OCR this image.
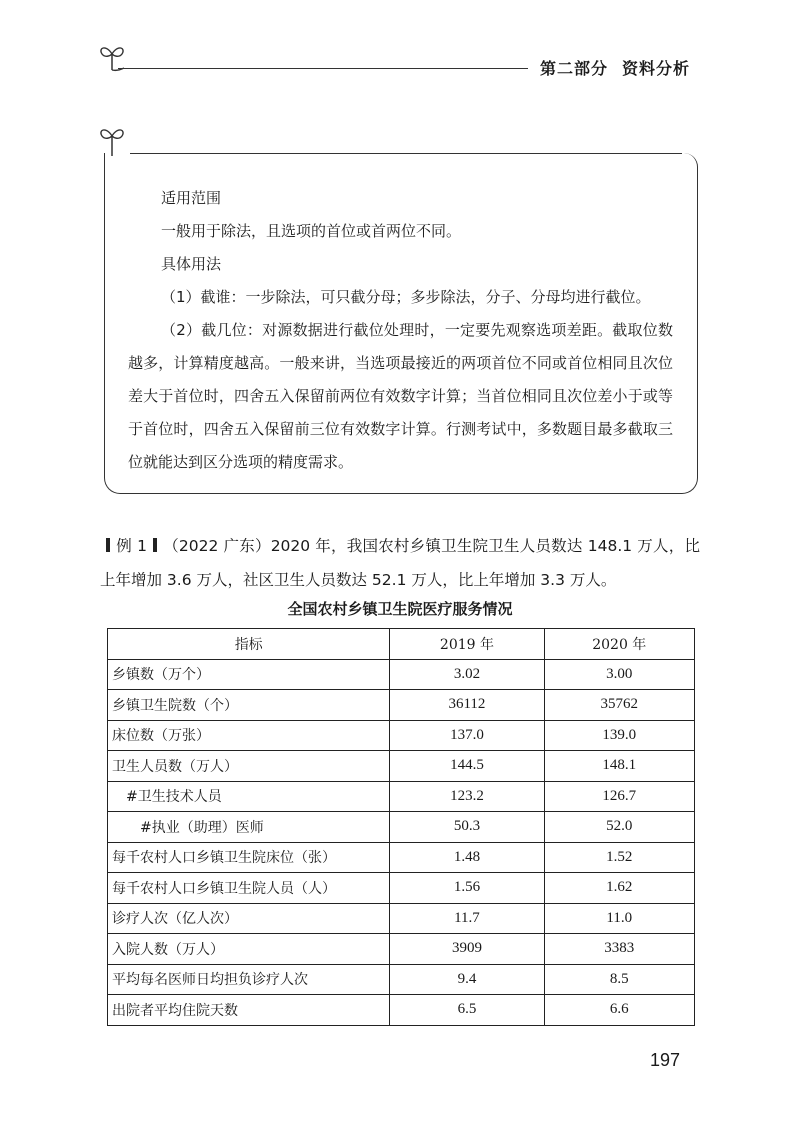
第二部分 资料分析
适用范围
一般用于除法，且选项的首位或首两位不同。
具体用法
（1）截谁：一步除法，可只截分母；多步除法，分子、分母均进行截位。
（2）截几位：对源数据进行截位处理时，一定要先观察选项差距。截取位数越多，计算精度越高。一般来讲，当选项最接近的两项首位不同或首位相同且次位差大于首位时，四舍五入保留前两位有效数字计算；当首位相同且次位差小于或等于首位时，四舍五入保留前三位有效数字计算。行测考试中，多数题目最多截取三位就能达到区分选项的精度需求。
例 1 （2022 广东）2020 年，我国农村乡镇卫生院卫生人员数达 148.1 万人，比上年增加 3.6 万人，社区卫生人员数达 52.1 万人，比上年增加 3.3 万人。
全国农村乡镇卫生院医疗服务情况
指标	2019 年	2020 年
乡镇数（万个）	3.02	3.00
乡镇卫生院数（个）	36112	35762
床位数（万张）	137.0	139.0
卫生人员数（万人）	144.5	148.1
　#卫生技术人员	123.2	126.7
　　#执业（助理）医师	50.3	52.0
每千农村人口乡镇卫生院床位（张）	1.48	1.52
每千农村人口乡镇卫生院人员（人）	1.56	1.62
诊疗人次（亿人次）	11.7	11.0
入院人数（万人）	3909	3383
平均每名医师日均担负诊疗人次	9.4	8.5
出院者平均住院天数	6.5	6.6
197
